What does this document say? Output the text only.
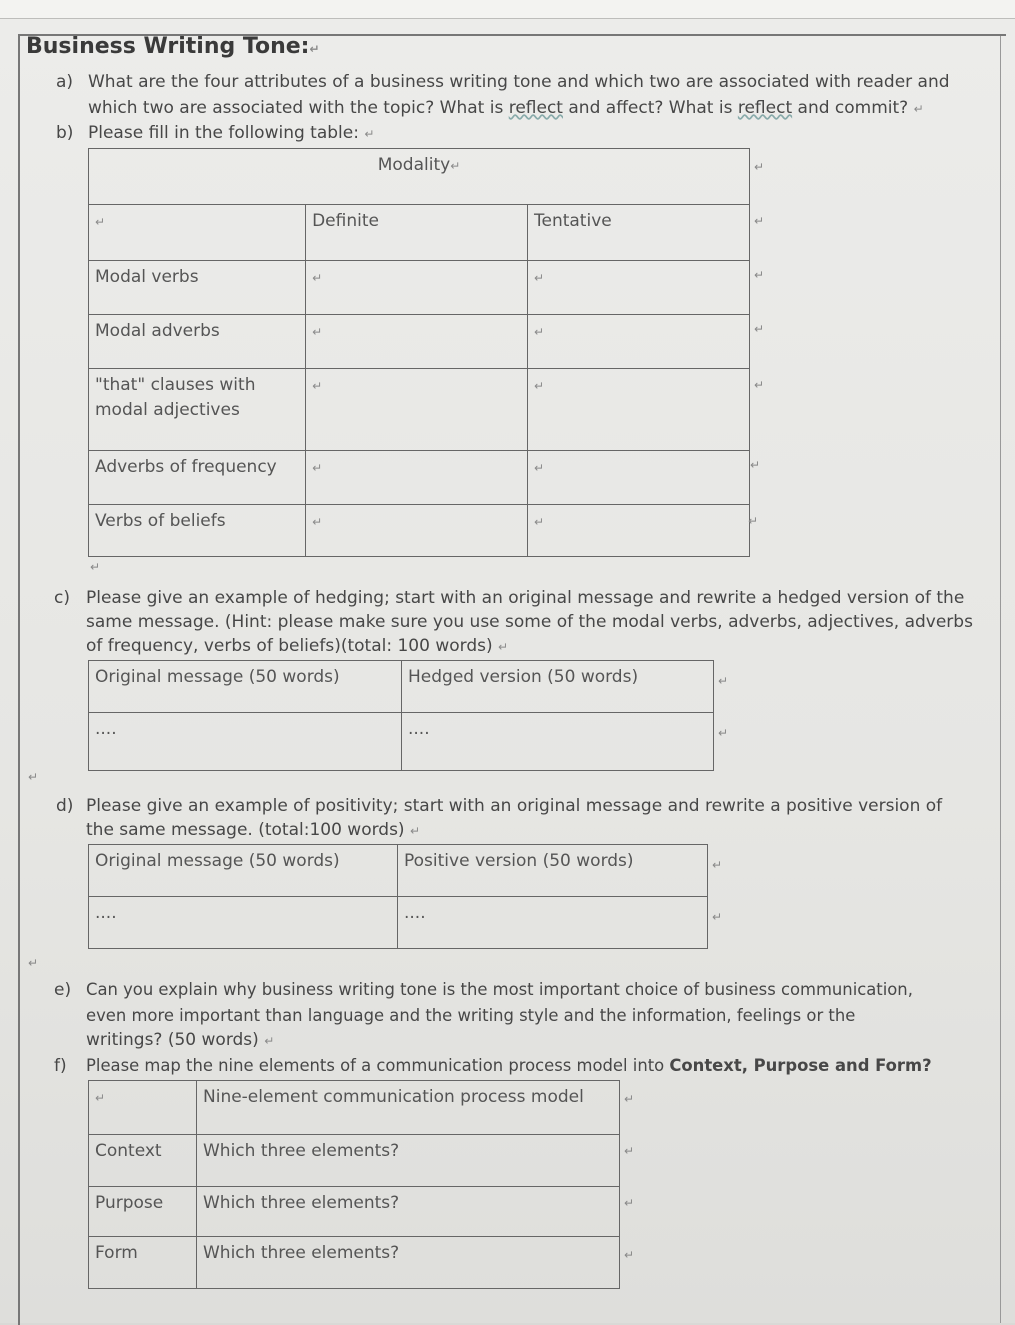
Business Writing Tone:↵
a) What are the four attributes of a business writing tone and which two are associated with reader and
which two are associated with the topic? What is reflect and affect? What is reflect and commit? ↵
b) Please fill in the following table: ↵
Modality↵		
↵	Definite	Tentative
Modal verbs	↵	↵
Modal adverbs	↵	↵
"that" clauses with modal adjectives	↵	↵
Adverbs of frequency	↵	↵
Verbs of beliefs	↵	↵
c) Please give an example of hedging; start with an original message and rewrite a hedged version of the
same message. (Hint: please make sure you use some of the modal verbs, adverbs, adjectives, adverbs
of frequency, verbs of beliefs)(total: 100 words) ↵
Original message (50 words)	Hedged version (50 words)
....	....
d) Please give an example of positivity; start with an original message and rewrite a positive version of
the same message. (total:100 words) ↵
Original message (50 words)	Positive version (50 words)
....	....
e) Can you explain why business writing tone is the most important choice of business communication,
even more important than language and the writing style and the information, feelings or the
writings? (50 words) ↵
f) Please map the nine elements of a communication process model into Context, Purpose and Form?
↵	Nine-element communication process model
Context	Which three elements?
Purpose	Which three elements?
Form	Which three elements?
↵
↵
↵
↵
↵
↵
↵
↵
↵
↵
↵
↵
↵
↵
↵
↵
↵
↵
